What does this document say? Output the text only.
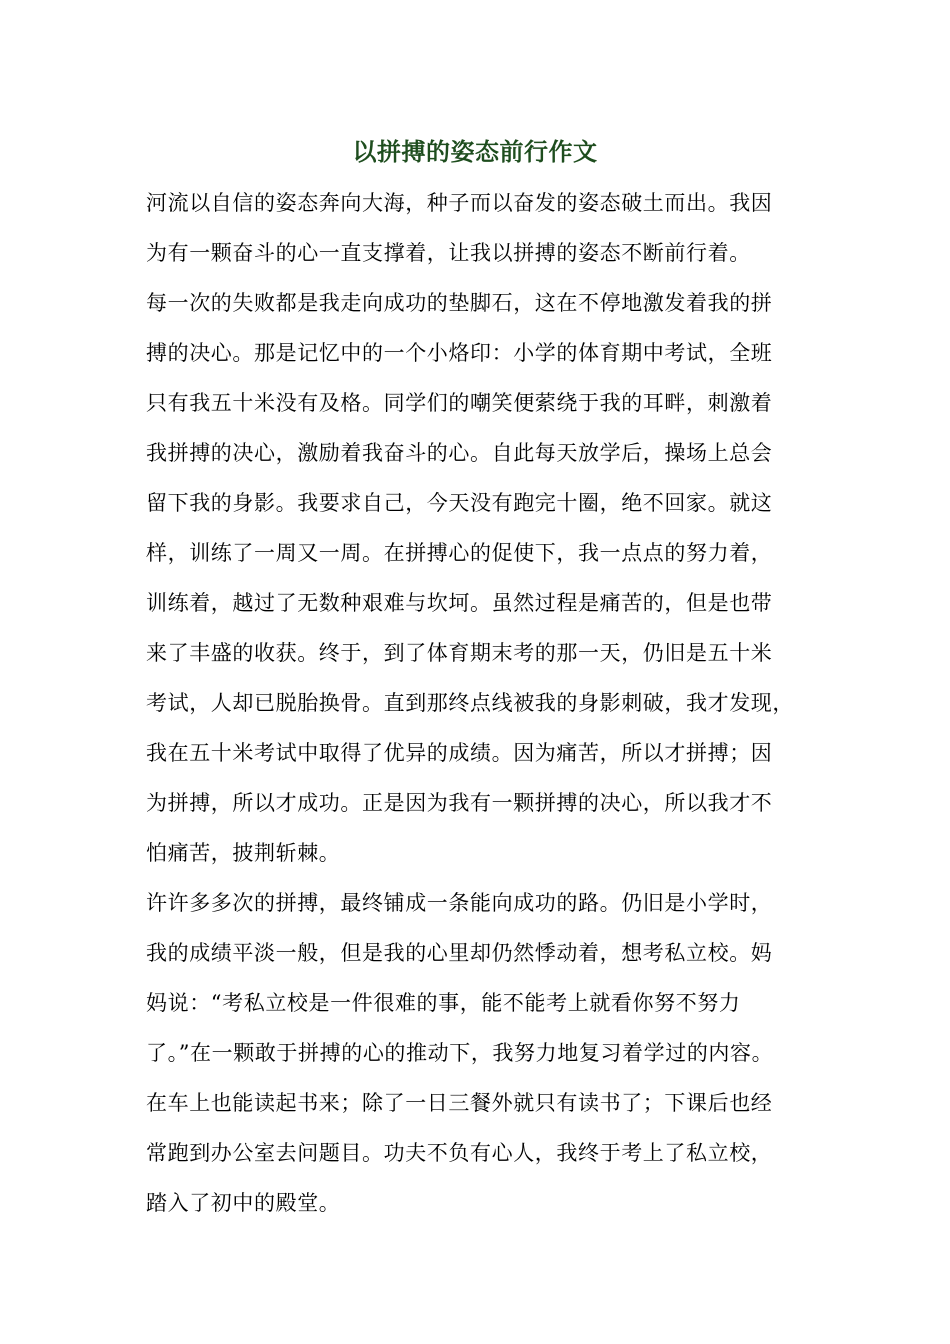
以拼搏的姿态前行作文
河流以自信的姿态奔向大海，种子而以奋发的姿态破土而出。我因
为有一颗奋斗的心一直支撑着，让我以拼搏的姿态不断前行着。
每一次的失败都是我走向成功的垫脚石，这在不停地激发着我的拼
搏的决心。那是记忆中的一个小烙印：小学的体育期中考试，全班
只有我五十米没有及格。同学们的嘲笑便萦绕于我的耳畔，刺激着
我拼搏的决心，激励着我奋斗的心。自此每天放学后，操场上总会
留下我的身影。我要求自己，今天没有跑完十圈，绝不回家。就这
样，训练了一周又一周。在拼搏心的促使下，我一点点的努力着，
训练着，越过了无数种艰难与坎坷。虽然过程是痛苦的，但是也带
来了丰盛的收获。终于，到了体育期末考的那一天，仍旧是五十米
考试，人却已脱胎换骨。直到那终点线被我的身影刺破，我才发现，
我在五十米考试中取得了优异的成绩。因为痛苦，所以才拼搏；因
为拼搏，所以才成功。正是因为我有一颗拼搏的决心，所以我才不
怕痛苦，披荆斩棘。
许许多多次的拼搏，最终铺成一条能向成功的路。仍旧是小学时，
我的成绩平淡一般，但是我的心里却仍然悸动着，想考私立校。妈
妈说：“考私立校是一件很难的事，能不能考上就看你努不努力
了。”在一颗敢于拼搏的心的推动下，我努力地复习着学过的内容。
在车上也能读起书来；除了一日三餐外就只有读书了；下课后也经
常跑到办公室去问题目。功夫不负有心人，我终于考上了私立校，
踏入了初中的殿堂。
